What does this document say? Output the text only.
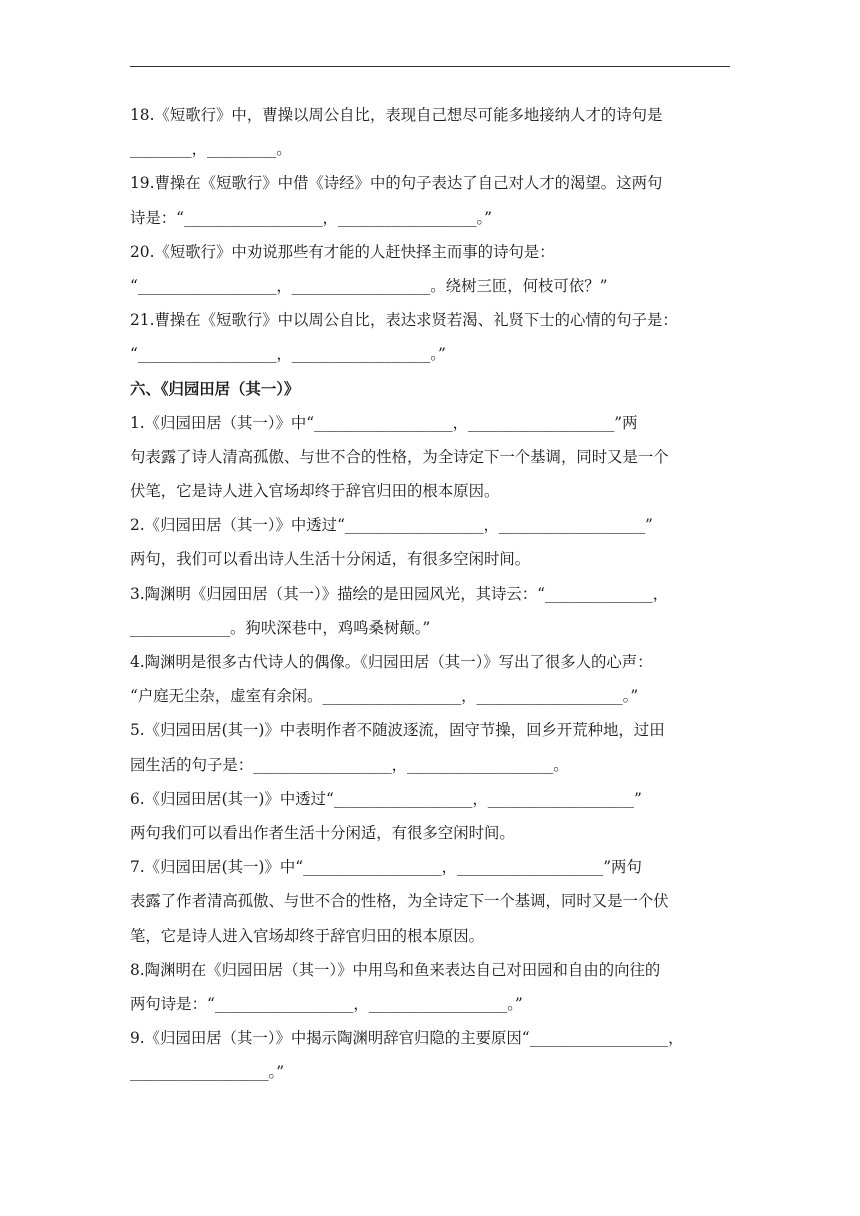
18.《短歌行》中，曹操以周公自比，表现自己想尽可能多地接纳人才的诗句是
________，_________。
19.曹操在《短歌行》中借《诗经》中的句子表达了自己对人才的渴望。这两句
诗是：“__________________，__________________。”
20.《短歌行》中劝说那些有才能的人赶快择主而事的诗句是：
“__________________，__________________。绕树三匝，何枝可依？”
21.曹操在《短歌行》中以周公自比，表达求贤若渴、礼贤下士的心情的句子是：
“__________________，__________________。”
六、《归园田居（其一）》
1.《归园田居（其一）》中“__________________，___________________”两
句表露了诗人清高孤傲、与世不合的性格，为全诗定下一个基调，同时又是一个
伏笔，它是诗人进入官场却终于辞官归田的根本原因。
2.《归园田居（其一）》中透过“__________________，___________________”
两句，我们可以看出诗人生活十分闲适，有很多空闲时间。
3.陶渊明《归园田居（其一）》描绘的是田园风光，其诗云：“______________，
_____________。狗吠深巷中，鸡鸣桑树颠。”
4.陶渊明是很多古代诗人的偶像。《归园田居（其一）》写出了很多人的心声：
“户庭无尘杂，虚室有余闲。__________________，___________________。”
5.《归园田居(其一)》中表明作者不随波逐流，固守节操，回乡开荒种地，过田
园生活的句子是：__________________，___________________。
6.《归园田居(其一)》中透过“__________________，___________________”
两句我们可以看出作者生活十分闲适，有很多空闲时间。
7.《归园田居(其一)》中“__________________，___________________”两句
表露了作者清高孤傲、与世不合的性格，为全诗定下一个基调，同时又是一个伏
笔，它是诗人进入官场却终于辞官归田的根本原因。
8.陶渊明在《归园田居（其一）》中用鸟和鱼来表达自己对田园和自由的向往的
两句诗是：“__________________，__________________。”
9.《归园田居（其一）》中揭示陶渊明辞官归隐的主要原因“__________________，
__________________。”
